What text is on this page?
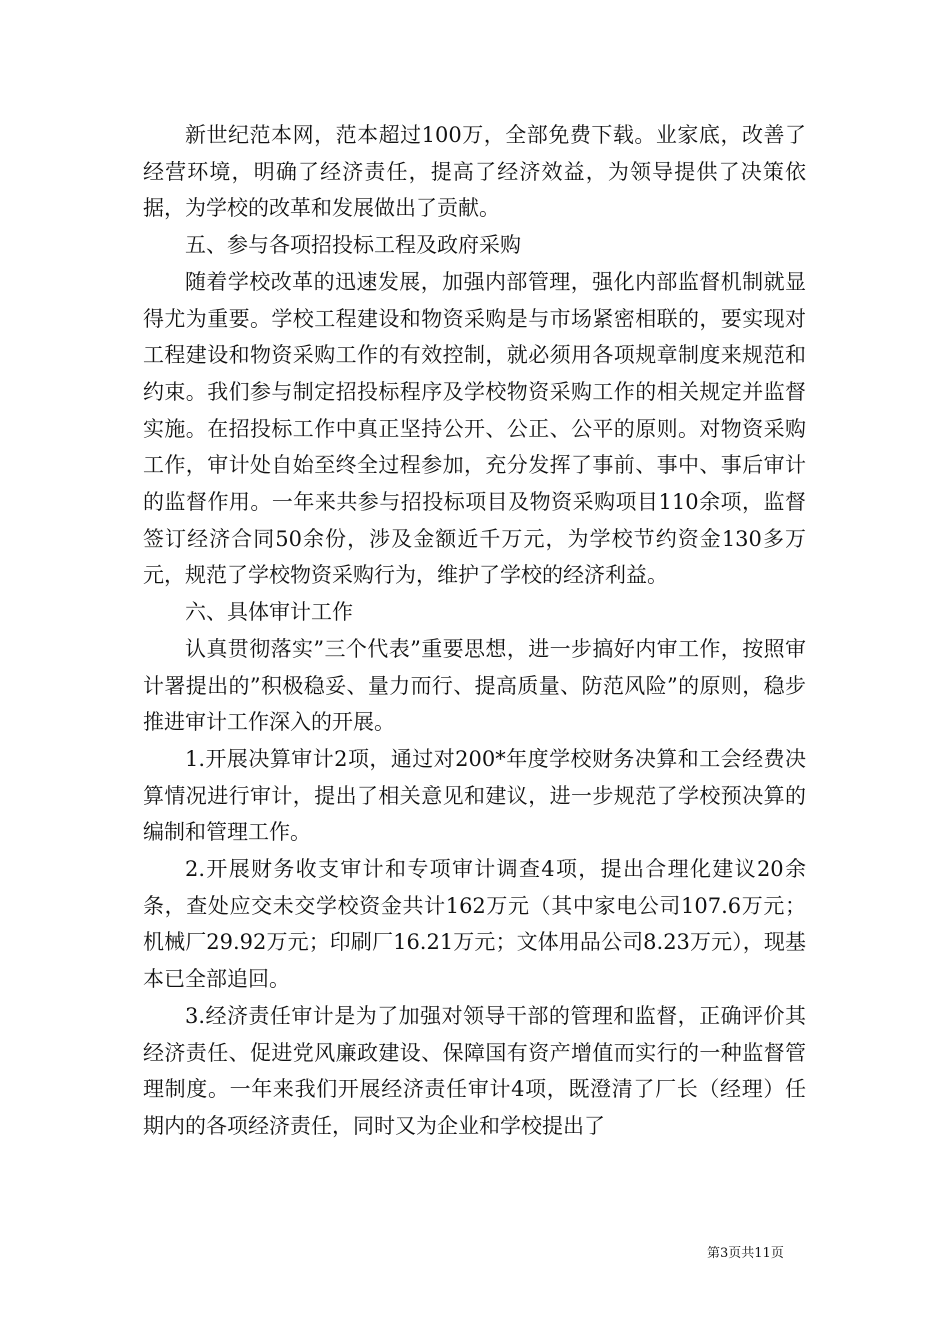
新世纪范本网，范本超过100万，全部免费下载。业家底，改善了经营环境，明确了经济责任，提高了经济效益，为领导提供了决策依据，为学校的改革和发展做出了贡献。

五、参与各项招投标工程及政府采购

随着学校改革的迅速发展，加强内部管理，强化内部监督机制就显得尤为重要。学校工程建设和物资采购是与市场紧密相联的，要实现对工程建设和物资采购工作的有效控制，就必须用各项规章制度来规范和约束。我们参与制定招投标程序及学校物资采购工作的相关规定并监督实施。在招投标工作中真正坚持公开、公正、公平的原则。对物资采购工作，审计处自始至终全过程参加，充分发挥了事前、事中、事后审计的监督作用。一年来共参与招投标项目及物资采购项目110余项，监督签订经济合同50余份，涉及金额近千万元，为学校节约资金130多万元，规范了学校物资采购行为，维护了学校的经济利益。

六、具体审计工作

认真贯彻落实”三个代表”重要思想，进一步搞好内审工作，按照审计署提出的”积极稳妥、量力而行、提高质量、防范风险”的原则，稳步推进审计工作深入的开展。

1.开展决算审计2项，通过对200*年度学校财务决算和工会经费决算情况进行审计，提出了相关意见和建议，进一步规范了学校预决算的编制和管理工作。

2.开展财务收支审计和专项审计调查4项，提出合理化建议20余条，查处应交未交学校资金共计162万元（其中家电公司107.6万元；机械厂29.92万元；印刷厂16.21万元；文体用品公司8.23万元），现基本已全部追回。

3.经济责任审计是为了加强对领导干部的管理和监督，正确评价其经济责任、促进党风廉政建设、保障国有资产增值而实行的一种监督管理制度。一年来我们开展经济责任审计4项，既澄清了厂长（经理）任期内的各项经济责任，同时又为企业和学校提出了

第3页共11页
